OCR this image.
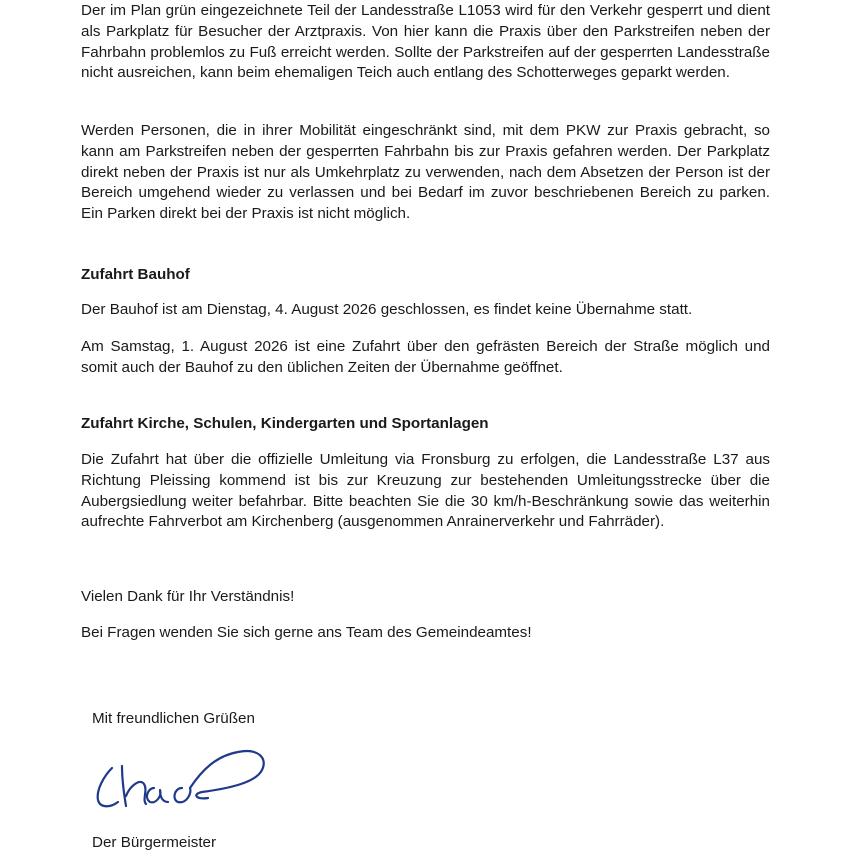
Der im Plan grün eingezeichnete Teil der Landesstraße L1053 wird für den Verkehr gesperrt und dient als Parkplatz für Besucher der Arztpraxis. Von hier kann die Praxis über den Parkstreifen neben der Fahrbahn problemlos zu Fuß erreicht werden. Sollte der Parkstreifen auf der gesperrten Landesstraße nicht ausreichen, kann beim ehemaligen Teich auch entlang des Schotterweges geparkt werden.

Werden Personen, die in ihrer Mobilität eingeschränkt sind, mit dem PKW zur Praxis gebracht, so kann am Parkstreifen neben der gesperrten Fahrbahn bis zur Praxis gefahren werden. Der Parkplatz direkt neben der Praxis ist nur als Umkehrplatz zu verwenden, nach dem Absetzen der Person ist der Bereich umgehend wieder zu verlassen und bei Bedarf im zuvor beschriebenen Bereich zu parken. Ein Parken direkt bei der Praxis ist nicht möglich.

Zufahrt Bauhof

Der Bauhof ist am Dienstag, 4. August 2026 geschlossen, es findet keine Übernahme statt.

Am Samstag, 1. August 2026 ist eine Zufahrt über den gefrästen Bereich der Straße möglich und somit auch der Bauhof zu den üblichen Zeiten der Übernahme geöffnet.

Zufahrt Kirche, Schulen, Kindergarten und Sportanlagen

Die Zufahrt hat über die offizielle Umleitung via Fronsburg zu erfolgen, die Landesstraße L37 aus Richtung Pleissing kommend ist bis zur Kreuzung zur bestehenden Umleitungsstrecke über die Aubergsiedlung weiter befahrbar. Bitte beachten Sie die 30 km/h-Beschränkung sowie das weiterhin aufrechte Fahrverbot am Kirchenberg (ausgenommen Anrainerverkehr und Fahrräder).

Vielen Dank für Ihr Verständnis!

Bei Fragen wenden Sie sich gerne ans Team des Gemeindeamtes!

Mit freundlichen Grüßen

Der Bürgermeister
